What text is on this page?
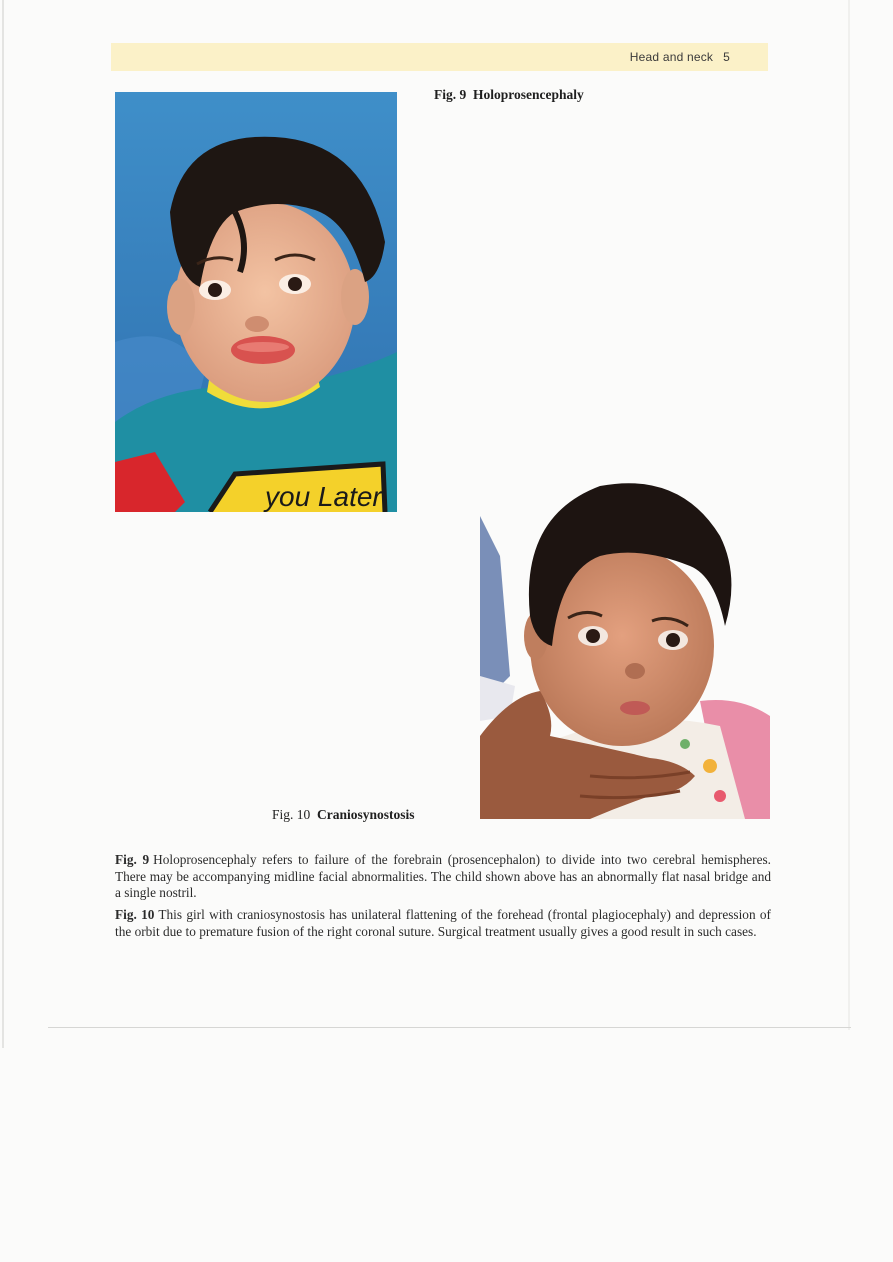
Head and neck 5
you Later
Fig. 9 Holoprosencephaly
Fig. 10 Craniosynostosis

Fig. 9 Holoprosencephaly refers to failure of the forebrain (prosencephalon) to divide into two cerebral hemispheres. There may be accompanying midline facial abnormalities. The child shown above has an abnormally flat nasal bridge and a single nostril.

Fig. 10 This girl with craniosynostosis has unilateral flattening of the forehead (frontal plagiocephaly) and depression of the orbit due to premature fusion of the right coronal suture. Surgical treatment usually gives a good result in such cases.
